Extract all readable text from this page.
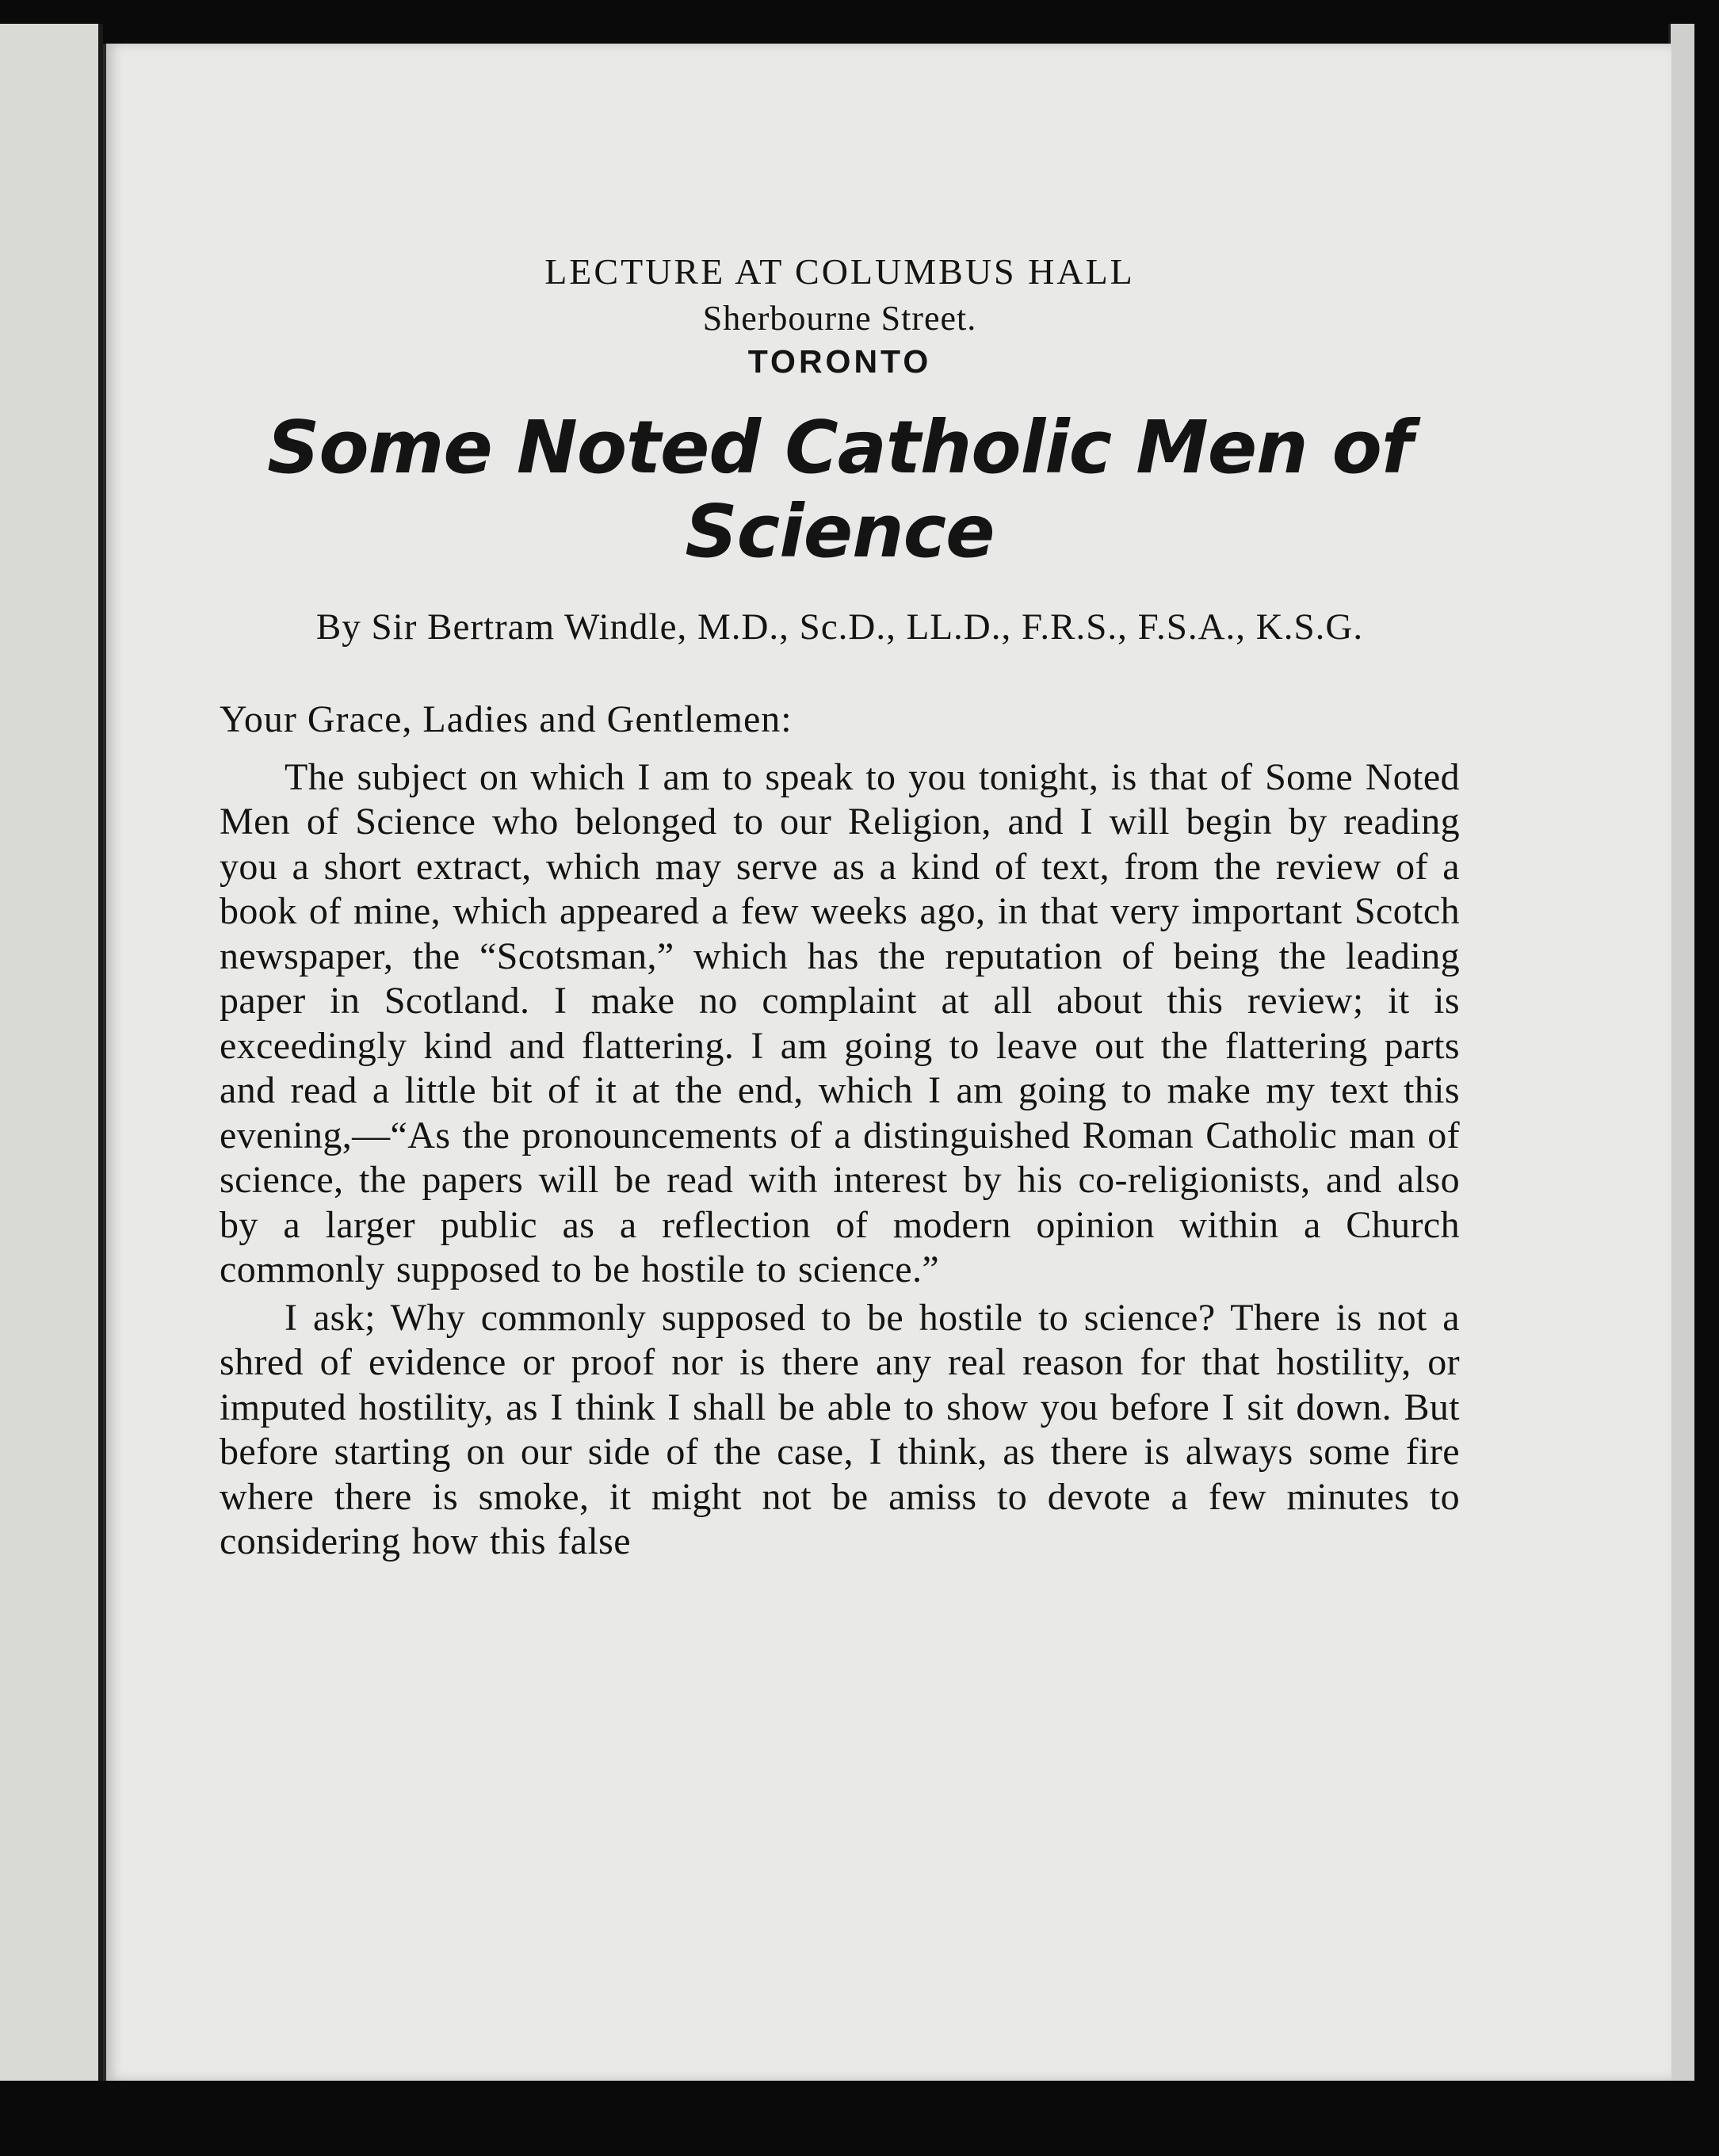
LECTURE AT COLUMBUS HALL
Sherbourne Street.
TORONTO
Some Noted Catholic Men of Science
By Sir Bertram Windle, M.D., Sc.D., LL.D., F.R.S., F.S.A., K.S.G.
Your Grace, Ladies and Gentlemen:

The subject on which I am to speak to you tonight, is that of Some Noted Men of Science who belonged to our Religion, and I will begin by reading you a short extract, which may serve as a kind of text, from the review of a book of mine, which appeared a few weeks ago, in that very important Scotch newspaper, the “Scotsman,” which has the reputation of being the leading paper in Scotland. I make no complaint at all about this review; it is exceedingly kind and flattering. I am going to leave out the flattering parts and read a little bit of it at the end, which I am going to make my text this evening,—“As the pronouncements of a distinguished Roman Catholic man of science, the papers will be read with interest by his co-religionists, and also by a larger public as a reflection of modern opinion within a Church commonly supposed to be hostile to science.”

I ask; Why commonly supposed to be hostile to science? There is not a shred of evidence or proof nor is there any real reason for that hostility, or imputed hostility, as I think I shall be able to show you before I sit down. But before starting on our side of the case, I think, as there is always some fire where there is smoke, it might not be amiss to devote a few minutes to considering how this false
